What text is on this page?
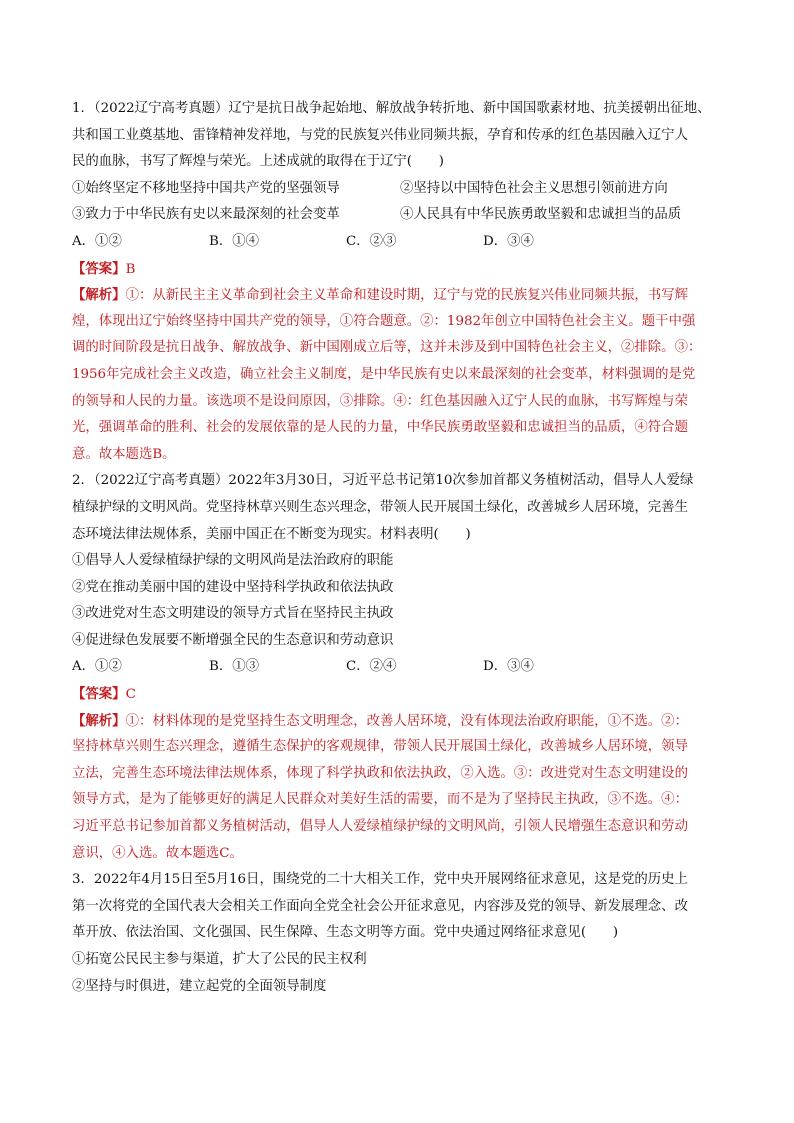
1．（2022辽宁高考真题）辽宁是抗日战争起始地、解放战争转折地、新中国国歌素材地、抗美援朝出征地、
共和国工业奠基地、雷锋精神发祥地，与党的民族复兴伟业同频共振，孕育和传承的红色基因融入辽宁人
民的血脉，书写了辉煌与荣光。上述成就的取得在于辽宁(　　)
①始终坚定不移地坚持中国共产党的坚强领导	②坚持以中国特色社会主义思想引领前进方向
③致力于中华民族有史以来最深刻的社会变革	④人民具有中华民族勇敢坚毅和忠诚担当的品质
A．①②	B．①④	C．②③	D．③④
【答案】B
【解析】①：从新民主主义革命到社会主义革命和建设时期，辽宁与党的民族复兴伟业同频共振，书写辉
煌，体现出辽宁始终坚持中国共产党的领导，①符合题意。②：1982年创立中国特色社会主义。题干中强
调的时间阶段是抗日战争、解放战争、新中国刚成立后等，这并未涉及到中国特色社会主义，②排除。③：
1956年完成社会主义改造，确立社会主义制度，是中华民族有史以来最深刻的社会变革，材料强调的是党
的领导和人民的力量。该选项不是设问原因，③排除。④：红色基因融入辽宁人民的血脉，书写辉煌与荣
光，强调革命的胜利、社会的发展依靠的是人民的力量，中华民族勇敢坚毅和忠诚担当的品质，④符合题
意。故本题选B。
2．（2022辽宁高考真题）2022年3月30日，习近平总书记第10次参加首都义务植树活动，倡导人人爱绿
植绿护绿的文明风尚。党坚持林草兴则生态兴理念，带领人民开展国土绿化，改善城乡人居环境，完善生
态环境法律法规体系，美丽中国正在不断变为现实。材料表明(　　)
①倡导人人爱绿植绿护绿的文明风尚是法治政府的职能
②党在推动美丽中国的建设中坚持科学执政和依法执政
③改进党对生态文明建设的领导方式旨在坚持民主执政
④促进绿色发展要不断增强全民的生态意识和劳动意识
A．①②	B．①③	C．②④	D．③④
【答案】C
【解析】①：材料体现的是党坚持生态文明理念，改善人居环境，没有体现法治政府职能，①不选。②：
坚持林草兴则生态兴理念，遵循生态保护的客观规律，带领人民开展国土绿化，改善城乡人居环境，领导
立法，完善生态环境法律法规体系，体现了科学执政和依法执政，②入选。③：改进党对生态文明建设的
领导方式，是为了能够更好的满足人民群众对美好生活的需要，而不是为了坚持民主执政，③不选。④：
习近平总书记参加首都义务植树活动，倡导人人爱绿植绿护绿的文明风尚，引领人民增强生态意识和劳动
意识，④入选。故本题选C。
3．2022年4月15日至5月16日，围绕党的二十大相关工作，党中央开展网络征求意见，这是党的历史上
第一次将党的全国代表大会相关工作面向全党全社会公开征求意见，内容涉及党的领导、新发展理念、改
革开放、依法治国、文化强国、民生保障、生态文明等方面。党中央通过网络征求意见(　　)
①拓宽公民民主参与渠道，扩大了公民的民主权利
②坚持与时俱进，建立起党的全面领导制度
